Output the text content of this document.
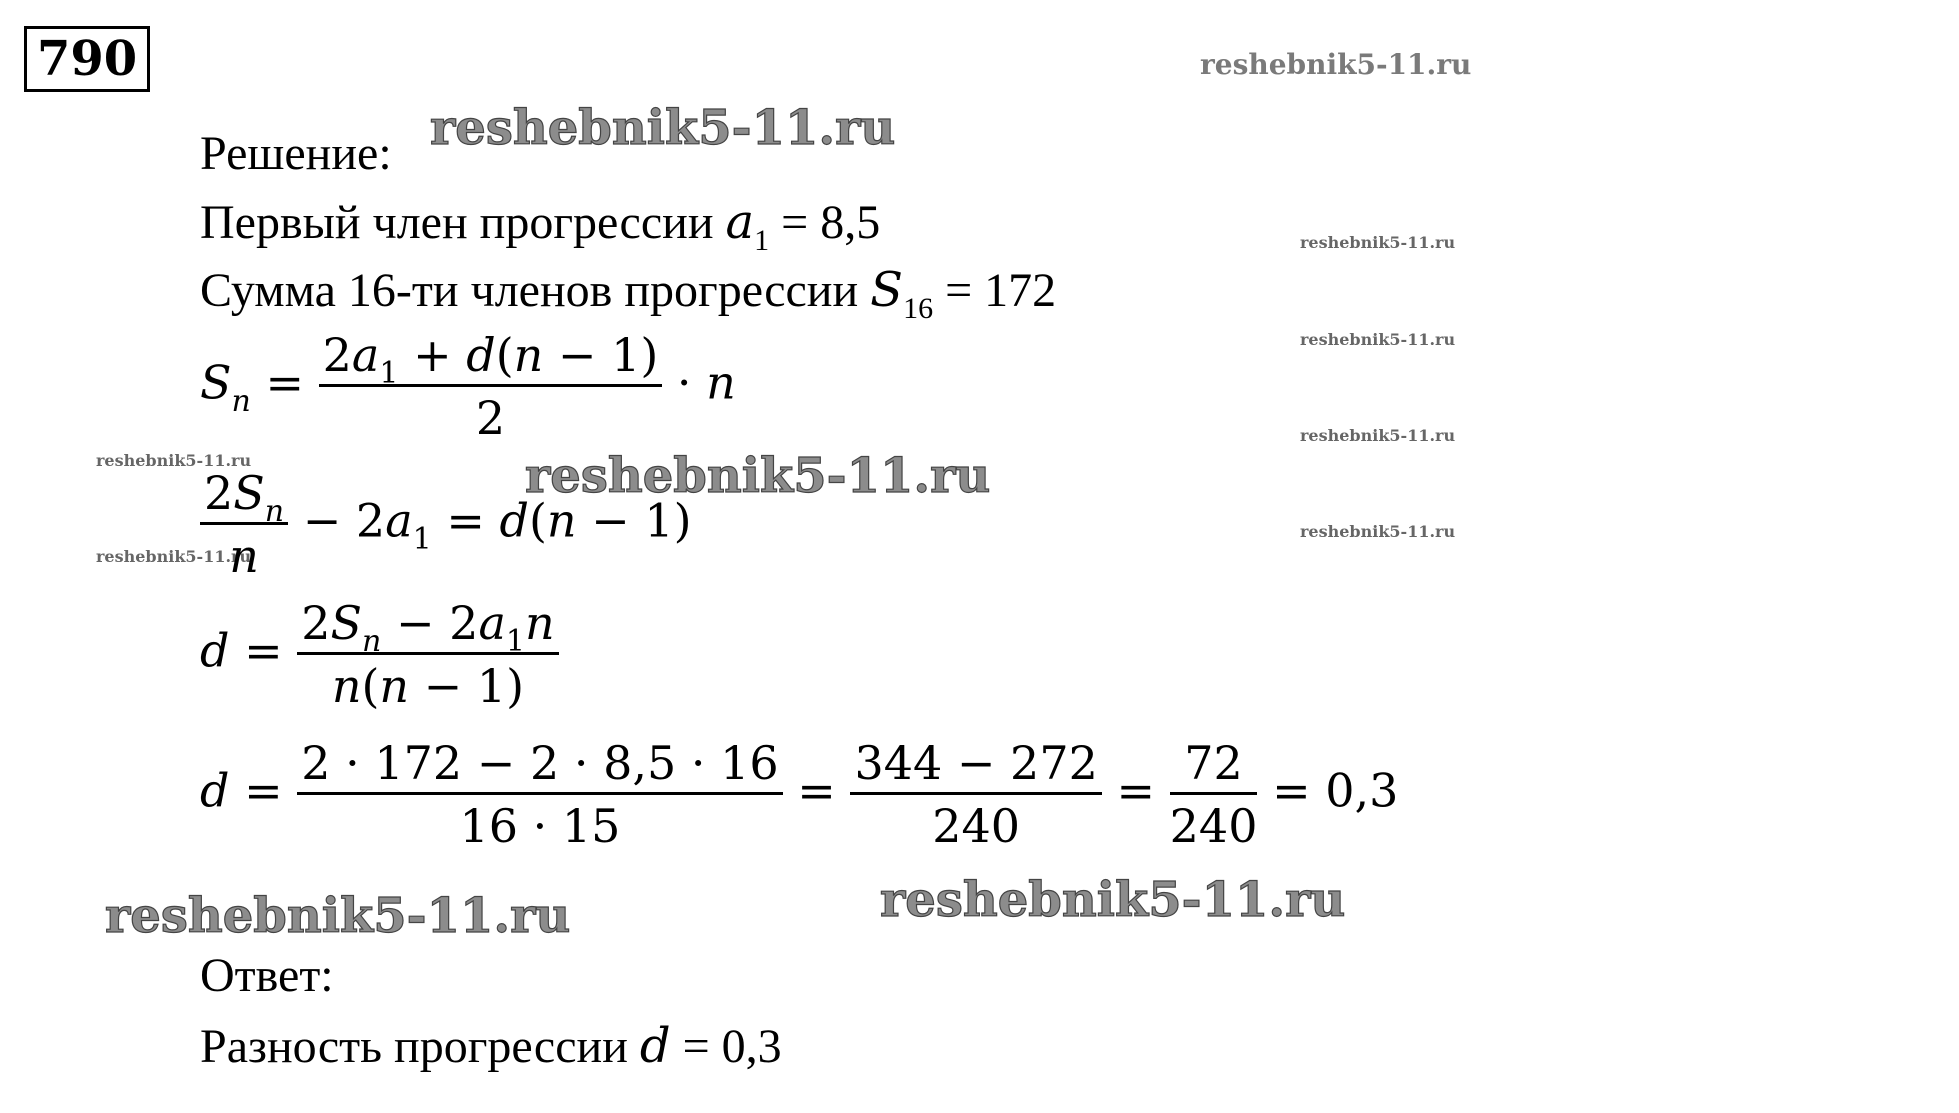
790	reshebnik5-11.ru
reshebnik5-11.ru
reshebnik5-11.ru
reshebnik5-11.ru
reshebnik5-11.ru
reshebnik5-11.ru	reshebnik5-11.ru
reshebnik5-11.ru
reshebnik5-11.ru
reshebnik5-11.ru
reshebnik5-11.ru
Решение:
Первый член прогрессии $a_1 = 8,5$
Сумма 16-ти членов прогрессии $S_{16} = 172$
$S_n = \frac{2a_1 + d(n - 1)}{2} \cdot n$
$\frac{2S_n}{n} - 2a_1 = d(n - 1)$
$d = \frac{2S_n - 2a_1n}{n(n - 1)}$
$d = \frac{2 \cdot 172 - 2 \cdot 8,5 \cdot 16}{16 \cdot 15} = \frac{344 - 272}{240} = \frac{72}{240} = 0,3$
Ответ:
Разность прогрессии d = 0,3
